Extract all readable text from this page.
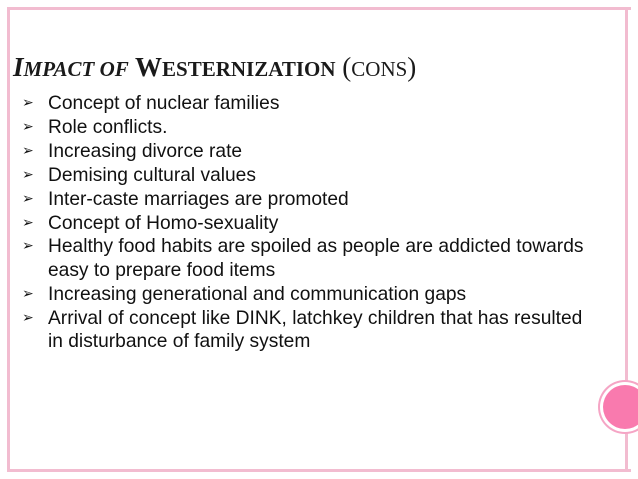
IMPACT OF WESTERNIZATION (CONS)
➢ Concept of nuclear families
➢ Role conflicts.
➢ Increasing divorce rate
➢ Demising cultural values
➢ Inter-caste marriages are promoted
➢ Concept of Homo-sexuality
➢ Healthy food habits are spoiled as people are addicted towards easy to prepare food items
➢ Increasing generational and communication gaps
➢ Arrival of concept like DINK, latchkey children that has resulted in disturbance of family system
